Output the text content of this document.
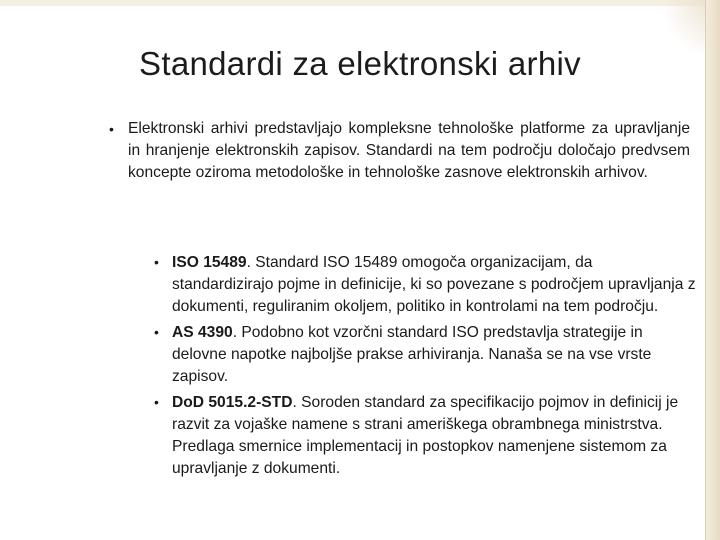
Standardi za elektronski arhiv
• Elektronski arhivi predstavljajo kompleksne tehnološke platforme za upravljanje in hranjenje elektronskih zapisov. Standardi na tem področju določajo predvsem koncepte oziroma metodološke in tehnološke zasnove elektronskih arhivov.
• ISO 15489. Standard ISO 15489 omogoča organizacijam, da standardizirajo pojme in definicije, ki so povezane s področjem upravljanja z dokumenti, reguliranim okoljem, politiko in kontrolami na tem področju.
• AS 4390. Podobno kot vzorčni standard ISO predstavlja strategije in delovne napotke najboljše prakse arhiviranja. Nanaša se na vse vrste zapisov.
• DoD 5015.2-STD. Soroden standard za specifikacijo pojmov in definicij je razvit za vojaške namene s strani ameriškega obrambnega ministrstva. Predlaga smernice implementacij in postopkov namenjene sistemom za upravljanje z dokumenti.
